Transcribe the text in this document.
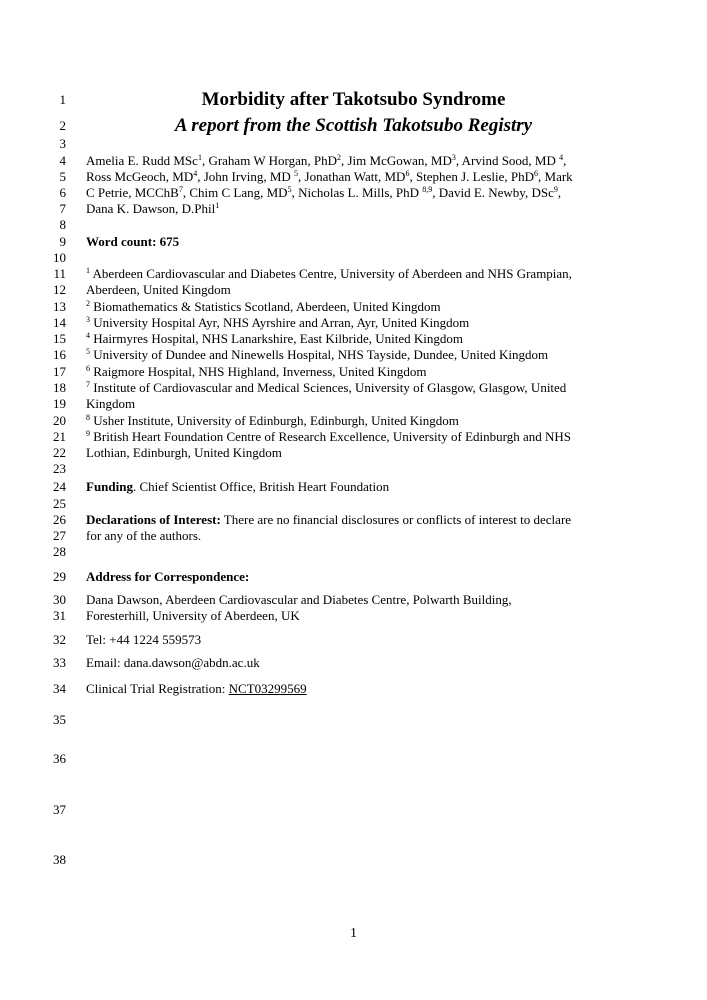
1
2
3
4
5
6
7
8
9
10
11
12
13
14
15
16
17
18
19
20
21
22
23
24
25
26
27
28
29
30
31
32
33
34
35
36
37
38
Morbidity after Takotsubo Syndrome
A report from the Scottish Takotsubo Registry
Amelia E. Rudd MSc$^1$, Graham W Horgan, PhD$^2$, Jim McGowan, $MD^3$, Arvind Sood, MD $^4$,
Ross McGeoch, $MD^4$, John Irving, MD $^5$, Jonathan Watt, $MD^6$, Stephen J. Leslie, PhD$^6$, Mark
C Petrie, MCChB$^7$, Chim C Lang, $MD^5$, Nicholas L. Mills, PhD $^{8,9}$, David E. Newby, DSc$^9$,
Dana K. Dawson, D.Phil$^1$
Word count: 675
$^1$ Aberdeen Cardiovascular and Diabetes Centre, University of Aberdeen and NHS Grampian,
Aberdeen, United Kingdom
$^2$ Biomathematics & Statistics Scotland, Aberdeen, United Kingdom
$^3$ University Hospital Ayr, NHS Ayrshire and Arran, Ayr, United Kingdom
$^4$ Hairmyres Hospital, NHS Lanarkshire, East Kilbride, United Kingdom
$^5$ University of Dundee and Ninewells Hospital, NHS Tayside, Dundee, United Kingdom
$^6$ Raigmore Hospital, NHS Highland, Inverness, United Kingdom
$^7$ Institute of Cardiovascular and Medical Sciences, University of Glasgow, Glasgow, United
Kingdom
$^8$ Usher Institute, University of Edinburgh, Edinburgh, United Kingdom
$^9$ British Heart Foundation Centre of Research Excellence, University of Edinburgh and NHS
Lothian, Edinburgh, United Kingdom
Funding. Chief Scientist Office, British Heart Foundation
Declarations of Interest: There are no financial disclosures or conflicts of interest to declare
for any of the authors.
Address for Correspondence:
Dana Dawson, Aberdeen Cardiovascular and Diabetes Centre, Polwarth Building,
Foresterhill, University of Aberdeen, UK
Tel: +44 1224 559573
Email: dana.dawson@abdn.ac.uk
Clinical Trial Registration: NCT03299569
1
